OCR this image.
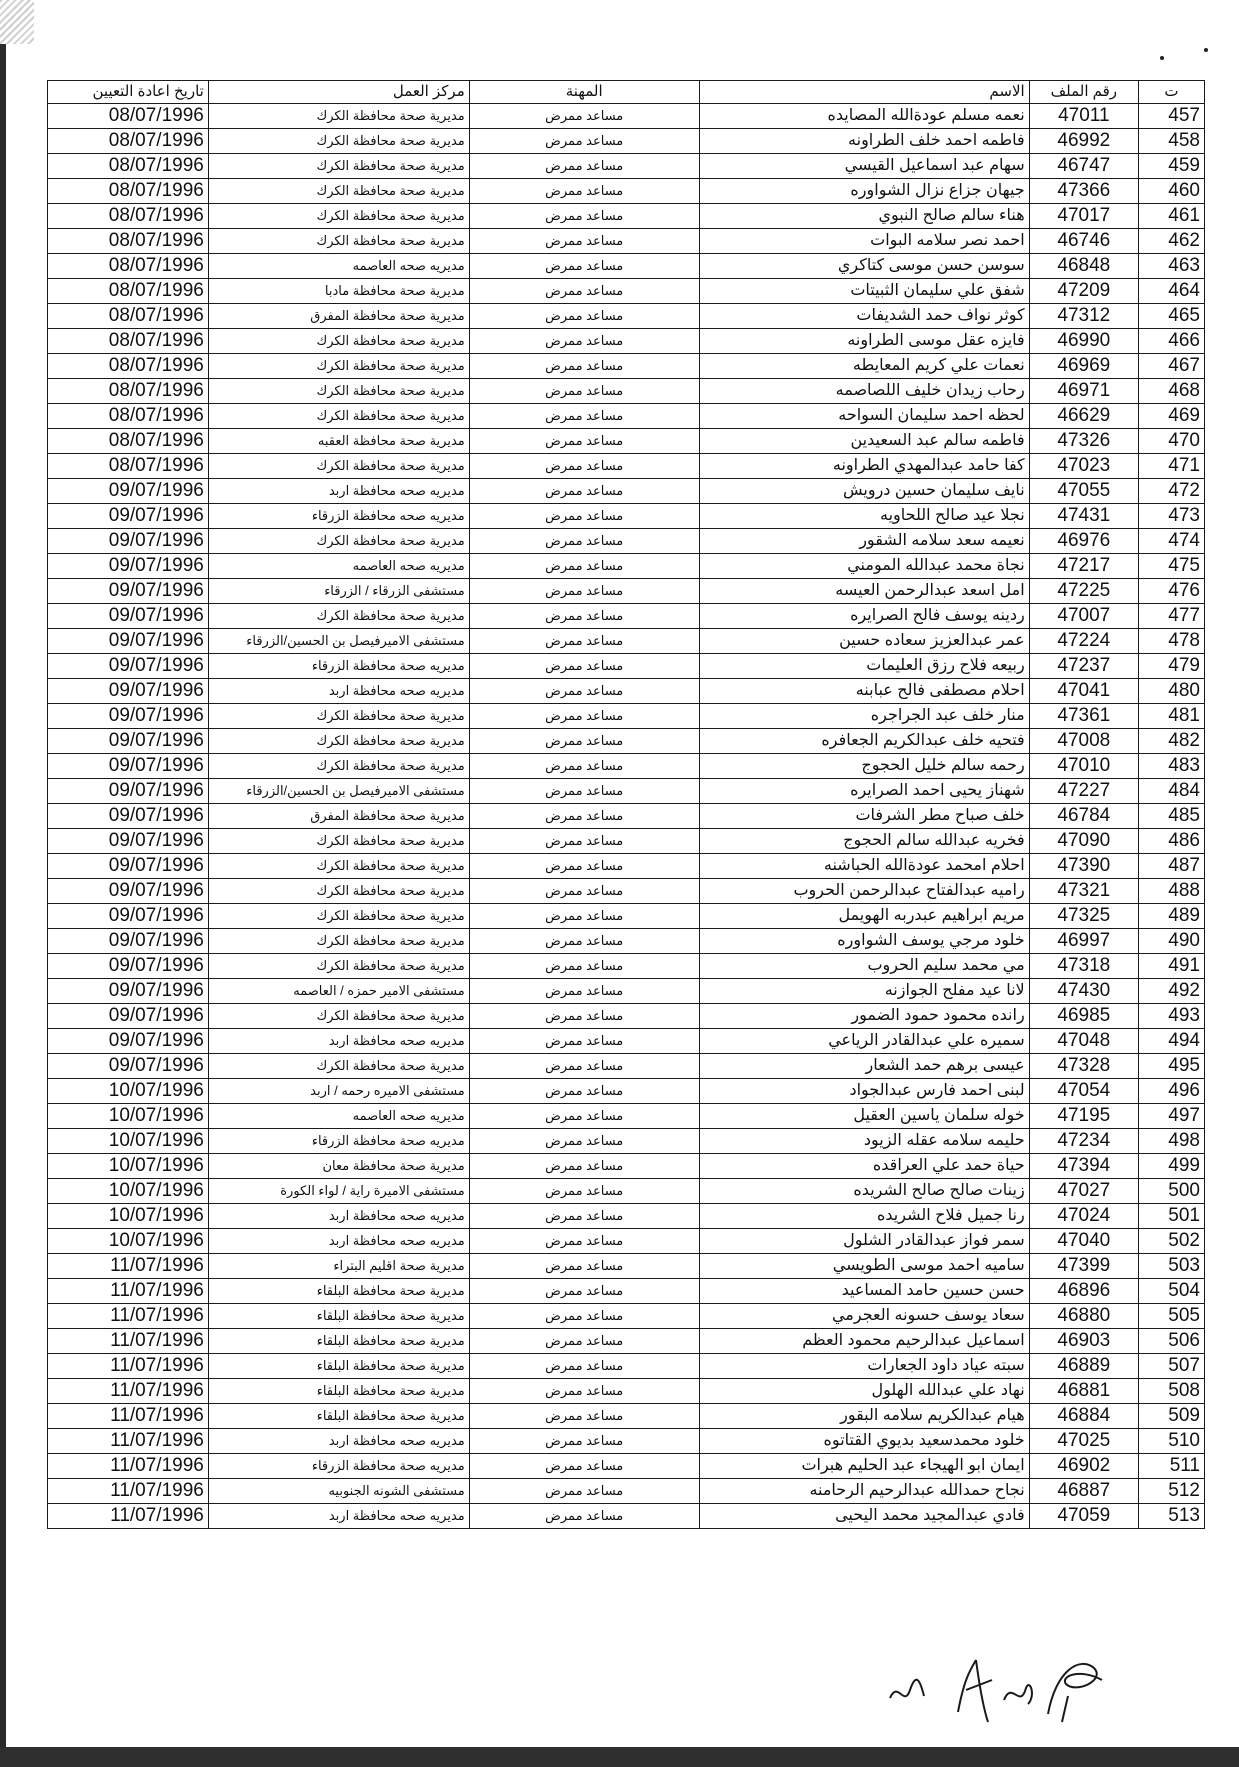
تاريخ اعادة التعيين	مركز العمل	المهنة	الاسم	رقم الملف	ت
08/07/1996	مديرية صحة محافظة الكرك	مساعد ممرض	نعمه مسلم عودةالله المصايده	47011	457
08/07/1996	مديرية صحة محافظة الكرك	مساعد ممرض	فاطمه احمد خلف الطراونه	46992	458
08/07/1996	مديرية صحة محافظة الكرك	مساعد ممرض	سهام عبد اسماعيل القيسي	46747	459
08/07/1996	مديرية صحة محافظة الكرك	مساعد ممرض	جيهان جزاع نزال الشواوره	47366	460
08/07/1996	مديرية صحة محافظة الكرك	مساعد ممرض	هناء سالم صالح النبوي	47017	461
08/07/1996	مديرية صحة محافظة الكرك	مساعد ممرض	احمد نصر سلامه البوات	46746	462
08/07/1996	مديريه صحه العاصمه	مساعد ممرض	سوسن حسن موسى كتاكري	46848	463
08/07/1996	مديرية صحة محافظة مادبا	مساعد ممرض	شفق علي سليمان الثبيتات	47209	464
08/07/1996	مديرية صحة محافظة المفرق	مساعد ممرض	كوثر نواف حمد الشديفات	47312	465
08/07/1996	مديرية صحة محافظة الكرك	مساعد ممرض	فايزه عقل موسى الطراونه	46990	466
08/07/1996	مديرية صحة محافظة الكرك	مساعد ممرض	نعمات علي كريم المعايطه	46969	467
08/07/1996	مديرية صحة محافظة الكرك	مساعد ممرض	رحاب زيدان خليف اللصاصمه	46971	468
08/07/1996	مديرية صحة محافظة الكرك	مساعد ممرض	لحظه احمد سليمان السواحه	46629	469
08/07/1996	مديرية صحة محافظة العقبه	مساعد ممرض	فاطمه سالم عبد السعيدين	47326	470
08/07/1996	مديرية صحة محافظة الكرك	مساعد ممرض	كفا حامد عبدالمهدي الطراونه	47023	471
09/07/1996	مديريه صحه محافظة اربد	مساعد ممرض	نايف سليمان حسين درويش	47055	472
09/07/1996	مديريه صحه محافظة الزرقاء	مساعد ممرض	نجلا عيد صالح اللحاويه	47431	473
09/07/1996	مديرية صحة محافظة الكرك	مساعد ممرض	نعيمه سعد سلامه الشقور	46976	474
09/07/1996	مديريه صحه العاصمه	مساعد ممرض	نجاة محمد عبدالله المومني	47217	475
09/07/1996	مستشفى الزرقاء / الزرقاء	مساعد ممرض	امل اسعد عبدالرحمن العيسه	47225	476
09/07/1996	مديرية صحة محافظة الكرك	مساعد ممرض	ردينه يوسف فالح الصرايره	47007	477
09/07/1996	مستشفى الاميرفيصل بن الحسين/الزرقاء	مساعد ممرض	عمر عبدالعزيز سعاده حسين	47224	478
09/07/1996	مديريه صحة محافظة الزرقاء	مساعد ممرض	ربيعه فلاح رزق العليمات	47237	479
09/07/1996	مديريه صحه محافظة اربد	مساعد ممرض	احلام مصطفى فالح عبابنه	47041	480
09/07/1996	مديرية صحة محافظة الكرك	مساعد ممرض	منار خلف عبد الجراجره	47361	481
09/07/1996	مديرية صحة محافظة الكرك	مساعد ممرض	فتحيه خلف عبدالكريم الجعافره	47008	482
09/07/1996	مديرية صحة محافظة الكرك	مساعد ممرض	رحمه سالم خليل الحجوج	47010	483
09/07/1996	مستشفى الاميرفيصل بن الحسين/الزرقاء	مساعد ممرض	شهناز يحيى احمد الصرايره	47227	484
09/07/1996	مديرية صحة محافظة المفرق	مساعد ممرض	خلف صباح مطر الشرفات	46784	485
09/07/1996	مديرية صحة محافظة الكرك	مساعد ممرض	فخريه عبدالله سالم الحجوج	47090	486
09/07/1996	مديرية صحة محافظة الكرك	مساعد ممرض	احلام امحمد عودةالله الحباشنه	47390	487
09/07/1996	مديرية صحة محافظة الكرك	مساعد ممرض	راميه عبدالفتاح عبدالرحمن الحروب	47321	488
09/07/1996	مديرية صحة محافظة الكرك	مساعد ممرض	مريم ابراهيم عبدربه الهويمل	47325	489
09/07/1996	مديرية صحة محافظة الكرك	مساعد ممرض	خلود مرجي يوسف الشواوره	46997	490
09/07/1996	مديرية صحة محافظة الكرك	مساعد ممرض	مي محمد سليم الحروب	47318	491
09/07/1996	مستشفى الامير حمزه / العاصمه	مساعد ممرض	لانا عيد مفلح الجوازنه	47430	492
09/07/1996	مديرية صحة محافظة الكرك	مساعد ممرض	رانده محمود حمود الضمور	46985	493
09/07/1996	مديريه صحه محافظة اربد	مساعد ممرض	سميره علي عبدالقادر الرياعي	47048	494
09/07/1996	مديرية صحة محافظة الكرك	مساعد ممرض	عيسى برهم حمد الشعار	47328	495
10/07/1996	مستشفى الاميره رحمه / اربد	مساعد ممرض	لبنى احمد فارس عبدالجواد	47054	496
10/07/1996	مديريه صحه العاصمه	مساعد ممرض	خوله سلمان ياسين العقيل	47195	497
10/07/1996	مديريه صحة محافظة الزرقاء	مساعد ممرض	حليمه سلامه عقله الزيود	47234	498
10/07/1996	مديرية صحة محافظة معان	مساعد ممرض	حياة حمد علي العراقده	47394	499
10/07/1996	مستشفى الاميرة راية / لواء الكورة	مساعد ممرض	زينات صالح صالح الشريده	47027	500
10/07/1996	مديريه صحه محافظة اربد	مساعد ممرض	رنا جميل فلاح الشريده	47024	501
10/07/1996	مديريه صحه محافظة اربد	مساعد ممرض	سمر فواز عبدالقادر الشلول	47040	502
11/07/1996	مديرية صحة اقليم البتراء	مساعد ممرض	ساميه احمد موسى الطويسي	47399	503
11/07/1996	مديرية صحة محافظة البلقاء	مساعد ممرض	حسن حسين حامد المساعيد	46896	504
11/07/1996	مديرية صحة محافظة البلقاء	مساعد ممرض	سعاد يوسف حسونه العجرمي	46880	505
11/07/1996	مديرية صحة محافظة البلقاء	مساعد ممرض	اسماعيل عبدالرحيم محمود العظم	46903	506
11/07/1996	مديرية صحة محافظة البلقاء	مساعد ممرض	سبته عياد داود الجعارات	46889	507
11/07/1996	مديرية صحة محافظة البلقاء	مساعد ممرض	نهاد علي عبدالله الهلول	46881	508
11/07/1996	مديرية صحة محافظة البلقاء	مساعد ممرض	هيام عبدالكريم سلامه البقور	46884	509
11/07/1996	مديريه صحه محافظة اربد	مساعد ممرض	خلود محمدسعيد بديوي القتاتوه	47025	510
11/07/1996	مديريه صحة محافظة الزرقاء	مساعد ممرض	ايمان ابو الهيجاء عبد الحليم هبرات	46902	511
11/07/1996	مستشفى الشونه الجنوبيه	مساعد ممرض	نجاح حمدالله عبدالرحيم الرحامنه	46887	512
11/07/1996	مديريه صحه محافظة اربد	مساعد ممرض	فادي عبدالمجيد محمد اليحيى	47059	513
